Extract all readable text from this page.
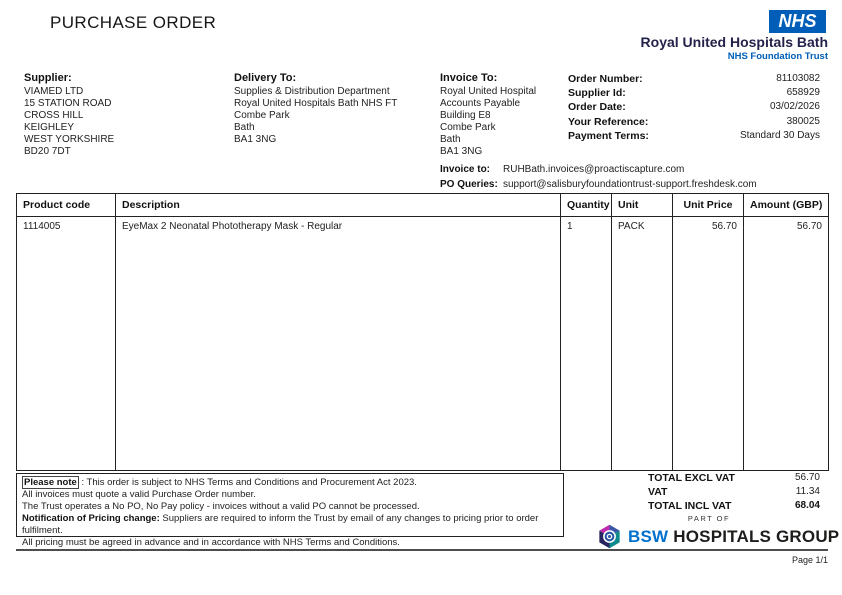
PURCHASE ORDER	NHS
Royal United Hospitals Bath
NHS Foundation Trust
Supplier:
VIAMED LTD
15 STATION ROAD
CROSS HILL
KEIGHLEY
WEST YORKSHIRE
BD20 7DT
Delivery To:
Supplies & Distribution Department
Royal United Hospitals Bath NHS FT
Combe Park
Bath
BA1 3NG
Invoice To:
Royal United Hospital
Accounts Payable
Building E8
Combe Park
Bath
BA1 3NG
Order Number:	81103082
Supplier Id:	658929
Order Date:	03/02/2026
Your Reference:	380025
Payment Terms:	Standard 30 Days
Invoice to:	RUHBath.invoices@proactiscapture.com
PO Queries: support@salisburyfoundationtrust-support.freshdesk.com
Product code	Description	Quantity	Unit	Unit Price	Amount (GBP)
1114005	EyeMax 2 Neonatal Phototherapy Mask - Regular	1	PACK	56.70	56.70
Please note : This order is subject to NHS Terms and Conditions and Procurement Act 2023.
All invoices must quote a valid Purchase Order number.
The Trust operates a No PO, No Pay policy - invoices without a valid PO cannot be processed.
Notification of Pricing change: Suppliers are required to inform the Trust by email of any changes to pricing prior to order fulfilment.
All pricing must be agreed in advance and in accordance with NHS Terms and Conditions.
TOTAL EXCL VAT	56.70
VAT	11.34
TOTAL INCL VAT	68.04
PART OF
BSW HOSPITALS GROUP
Page 1/1
